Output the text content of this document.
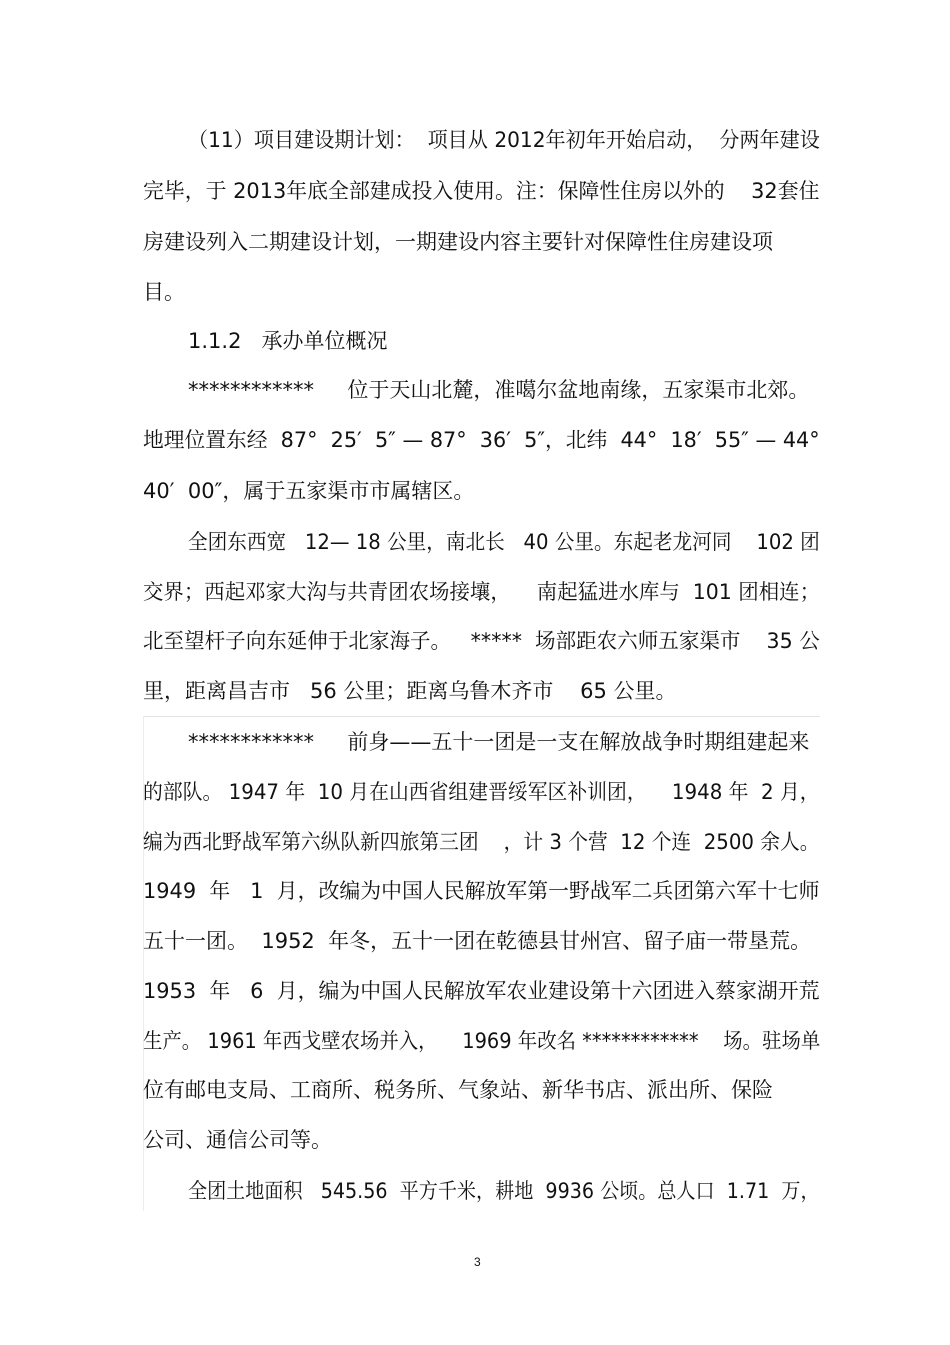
（11）项目建设期计划：  项目从 2012年初年开始启动，  分两年建设
完毕，于 2013年底全部建成投入使用。注：保障性住房以外的    32套住
房建设列入二期建设计划，一期建设内容主要针对保障性住房建设项
目。
1.1.2   承办单位概况
************     位于天山北麓，准噶尔盆地南缘，五家渠市北郊。
地理位置东经  87°  25′  5″ — 87°  36′  5″，北纬  44°  18′  55″ — 44°
40′  00″，属于五家渠市市属辖区。
全团东西宽   12— 18 公里，南北长   40 公里。东起老龙河同    102 团
交界；西起邓家大沟与共青团农场接壤，    南起猛进水库与  101 团相连；
北至望杆子向东延伸于北家海子。   *****  场部距农六师五家渠市    35 公
里，距离昌吉市   56 公里；距离乌鲁木齐市    65 公里。
************     前身——五十一团是一支在解放战争时期组建起来
的部队。 1947 年  10 月在山西省组建晋绥军区补训团，    1948 年  2 月，
编为西北野战军第六纵队新四旅第三团    ，计 3 个营  12 个连  2500 余人。
1949  年   1  月，改编为中国人民解放军第一野战军二兵团第六军十七师
五十一团。  1952  年冬，五十一团在乾德县甘州宫、留子庙一带垦荒。
1953  年   6  月，编为中国人民解放军农业建设第十六团进入蔡家湖开荒
生产。 1961 年西戈壁农场并入，    1969 年改名 ************    场。驻场单
位有邮电支局、工商所、税务所、气象站、新华书店、派出所、保险
公司、通信公司等。
全团土地面积   545.56  平方千米，耕地  9936 公顷。总人口  1.71  万，
3
